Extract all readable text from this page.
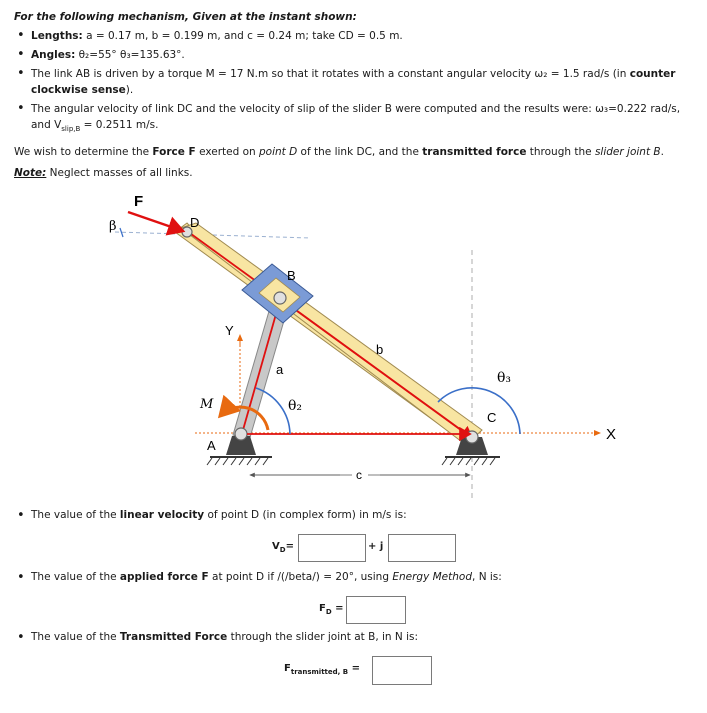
For the following mechanism, Given at the instant shown:
• Lengths: a = 0.17 m, b = 0.199 m, and c = 0.24 m; take CD = 0.5 m.
• Angles: θ₂=55° θ₃=135.63°.
• The link AB is driven by a torque M = 17 N.m so that it rotates with a constant angular velocity ω₂ = 1.5 rad/s (in counter clockwise sense).
• The angular velocity of link DC and the velocity of slip of the slider B were computed and the results were: ω₃=0.222 rad/s, and $V_{slip,B} = 0.2511$ m/s.
We wish to determine the Force F exerted on point D of the link DC, and the transmitted force through the slider joint B.
Note: Neglect masses of all links.
F
β	D
B
Y
a
b
θ₂
θ₃
M
A
C
c
X
• The value of the linear velocity of point D (in complex form) in m/s is:
$V_D=$	+ j
• The value of the applied force F at point D if /(/beta/) = 20°, using Energy Method, N is:
$F_D$ =
• The value of the Transmitted Force through the slider joint at B, in N is:
$F_{transmitted, B}$ =
